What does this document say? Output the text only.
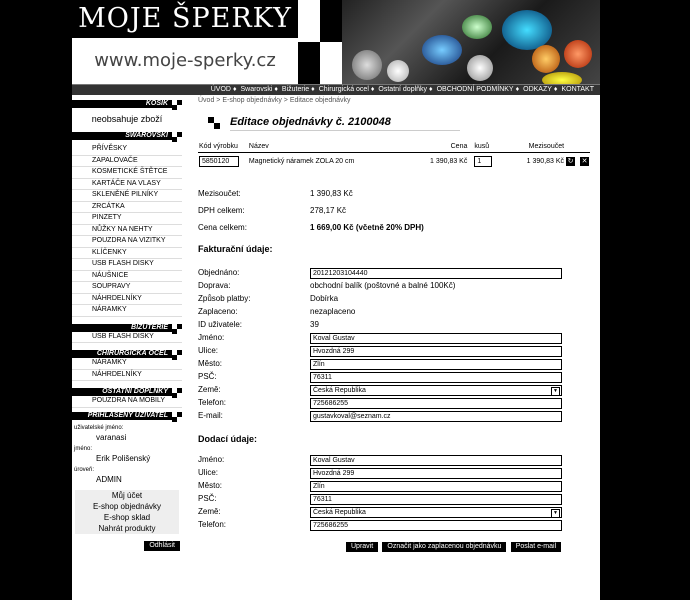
MOJE ŠPERKY
www.moje-sperky.cz
ÚVOD ♦ Swarovski ♦ Bižuterie ♦ Chirurgická ocel ♦ Ostatní doplňky ♦ OBCHODNÍ PODMÍNKY ♦ ODKAZY ♦ KONTAKT
KOŠÍK
neobsahuje zboží
SWAROVSKI
PŘÍVĚSKY
ZAPALOVAČE
KOSMETICKÉ ŠTĚTCE
KARTÁČE NA VLASY
SKLENĚNÉ PILNÍKY
ZRCÁTKA
PINZETY
NŮŽKY NA NEHTY
POUZDRA NA VIZITKY
KLÍČENKY
USB FLASH DISKY
NÁUŠNICE
SOUPRAVY
NÁHRDELNÍKY
NÁRAMKY
BIŽUTERIE
USB FLASH DISKY
CHIRURGICKÁ OCEL
NÁRAMKY
NÁHRDELNÍKY
OSTATNÍ DOPLŇKY
POUZDRA NA MOBILY
PŘIHLÁŠENÝ UŽIVATEL
uživatelské jméno:
varanasi
jméno:
Erik Polišenský
úroveň:
ADMIN
Můj účet
E-shop objednávky
E-shop sklad
Nahrát produkty
Odhlásit
Úvod > E-shop objednávky > Editace objednávky
Editace objednávky č. 2100048
Kód výrobku	Název	Cena	kusů	Mezisoučet	

5850120	Magnetický náramek ZOLA 20 cm	1 390,83 Kč	1	1 390,83 Kč	↻ ✕
Mezisoučet:	1 390,83 Kč
DPH celkem:	278,17 Kč
Cena celkem:	1 669,00 Kč (včetně 20% DPH)
Fakturační údaje:
Objednáno:	20121203104440
Doprava:	obchodní balík (poštovné a balné 100Kč)
Způsob platby:	Dobírka
Zaplaceno:	nezaplaceno
ID uživatele:	39
Jméno:	Koval Gustav
Ulice:	Hvozdná 299
Město:	Zlín
PSČ:	76311
Země:	Česká Republika	▼
Telefon:	725686255
E-mail:	gustavkoval@seznam.cz
Dodací údaje:
Jméno:	Koval Gustav
Ulice:	Hvozdná 299
Město:	Zlín
PSČ:	76311
Země:	Česká Republika	▼
Telefon:	725686255
Upravit Označit jako zaplacenou objednávku Poslat e-mail
